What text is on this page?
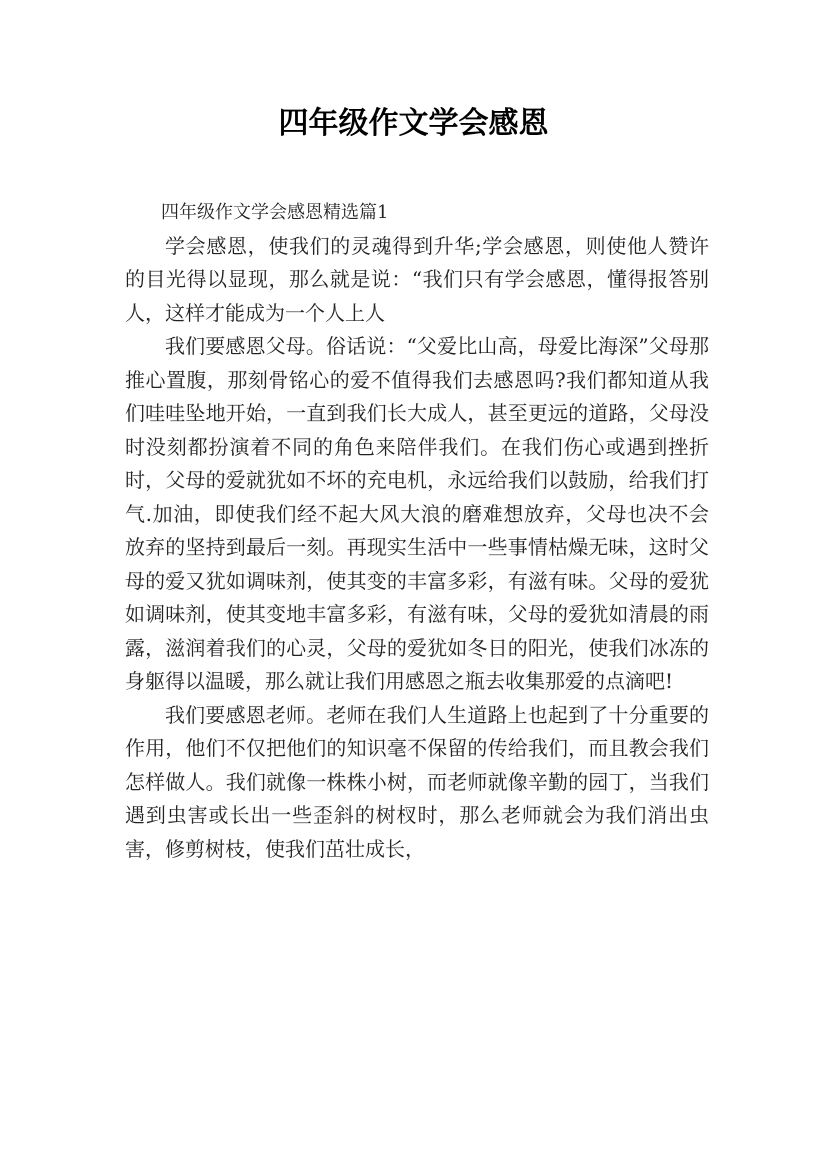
四年级作文学会感恩

四年级作文学会感恩精选篇1

学会感恩，使我们的灵魂得到升华;学会感恩，则使他人赞许的目光得以显现，那么就是说：“我们只有学会感恩，懂得报答别人，这样才能成为一个人上人

我们要感恩父母。俗话说：“父爱比山高，母爱比海深”父母那推心置腹，那刻骨铭心的爱不值得我们去感恩吗?我们都知道从我们哇哇坠地开始，一直到我们长大成人，甚至更远的道路，父母没时没刻都扮演着不同的角色来陪伴我们。在我们伤心或遇到挫折时，父母的爱就犹如不坏的充电机，永远给我们以鼓励，给我们打气.加油，即使我们经不起大风大浪的磨难想放弃，父母也决不会放弃的坚持到最后一刻。再现实生活中一些事情枯燥无味，这时父母的爱又犹如调味剂，使其变的丰富多彩，有滋有味。父母的爱犹如调味剂，使其变地丰富多彩，有滋有味，父母的爱犹如清晨的雨露，滋润着我们的心灵，父母的爱犹如冬日的阳光，使我们冰冻的身躯得以温暖，那么就让我们用感恩之瓶去收集那爱的点滴吧!

我们要感恩老师。老师在我们人生道路上也起到了十分重要的作用，他们不仅把他们的知识毫不保留的传给我们，而且教会我们怎样做人。我们就像一株株小树，而老师就像辛勤的园丁，当我们遇到虫害或长出一些歪斜的树杈时，那么老师就会为我们消出虫害，修剪树枝，使我们茁壮成长，
